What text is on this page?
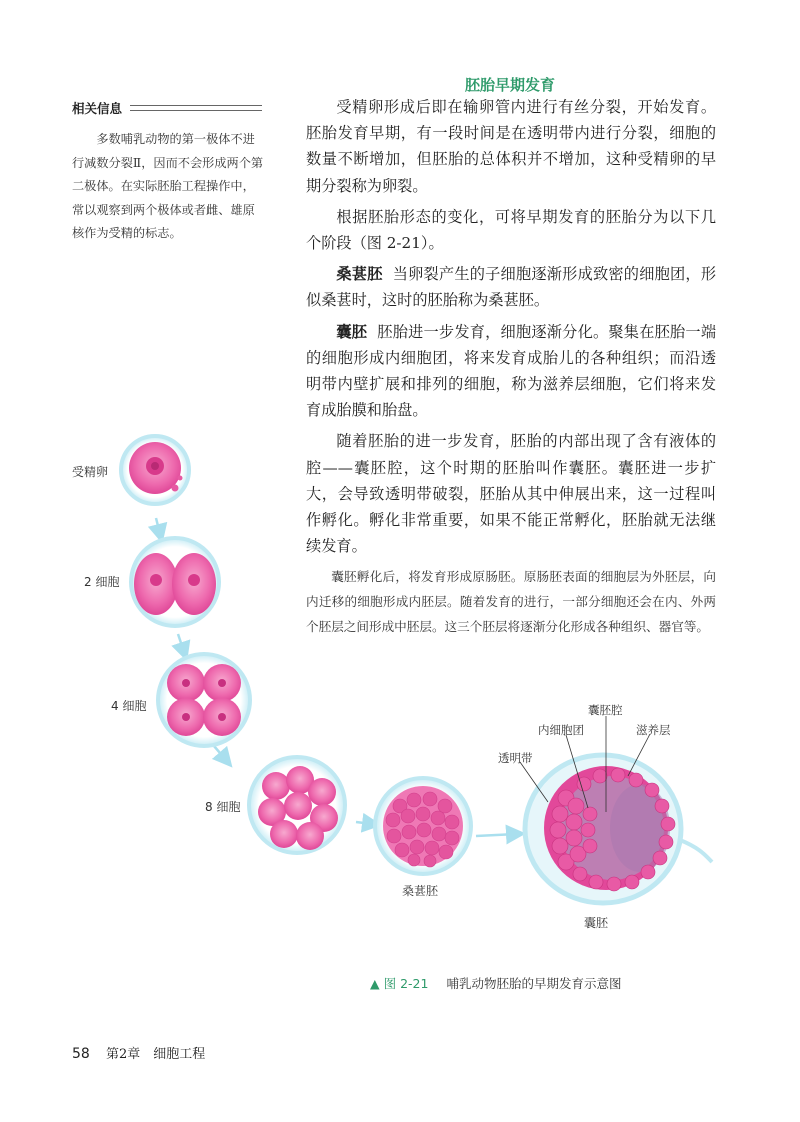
胚胎早期发育
相关信息

多数哺乳动物的第一极体不进行减数分裂Ⅱ，因而不会形成两个第二极体。在实际胚胎工程操作中，常以观察到两个极体或者雌、雄原核作为受精的标志。

受精卵形成后即在输卵管内进行有丝分裂，开始发育。胚胎发育早期，有一段时间是在透明带内进行分裂，细胞的数量不断增加，但胚胎的总体积并不增加，这种受精卵的早期分裂称为卵裂。

根据胚胎形态的变化，可将早期发育的胚胎分为以下几个阶段（图 2-21）。

桑葚胚 当卵裂产生的子细胞逐渐形成致密的细胞团，形似桑葚时，这时的胚胎称为桑葚胚。

囊胚 胚胎进一步发育，细胞逐渐分化。聚集在胚胎一端的细胞形成内细胞团，将来发育成胎儿的各种组织；而沿透明带内壁扩展和排列的细胞，称为滋养层细胞，它们将来发育成胎膜和胎盘。

随着胚胎的进一步发育，胚胎的内部出现了含有液体的腔——囊胚腔，这个时期的胚胎叫作囊胚。囊胚进一步扩大，会导致透明带破裂，胚胎从其中伸展出来，这一过程叫作孵化。孵化非常重要，如果不能正常孵化，胚胎就无法继续发育。

囊胚孵化后，将发育形成原肠胚。原肠胚表面的细胞层为外胚层，向内迁移的细胞形成内胚层。随着发育的进行，一部分细胞还会在内、外两个胚层之间形成中胚层。这三个胚层将逐渐分化形成各种组织、器官等。

受精卵
2 细胞
4 细胞
8 细胞
桑葚胚
囊胚
囊胚腔
内细胞团	滋养层
透明带
▲ 图 2-21 哺乳动物胚胎的早期发育示意图
58 第2章　细胞工程
